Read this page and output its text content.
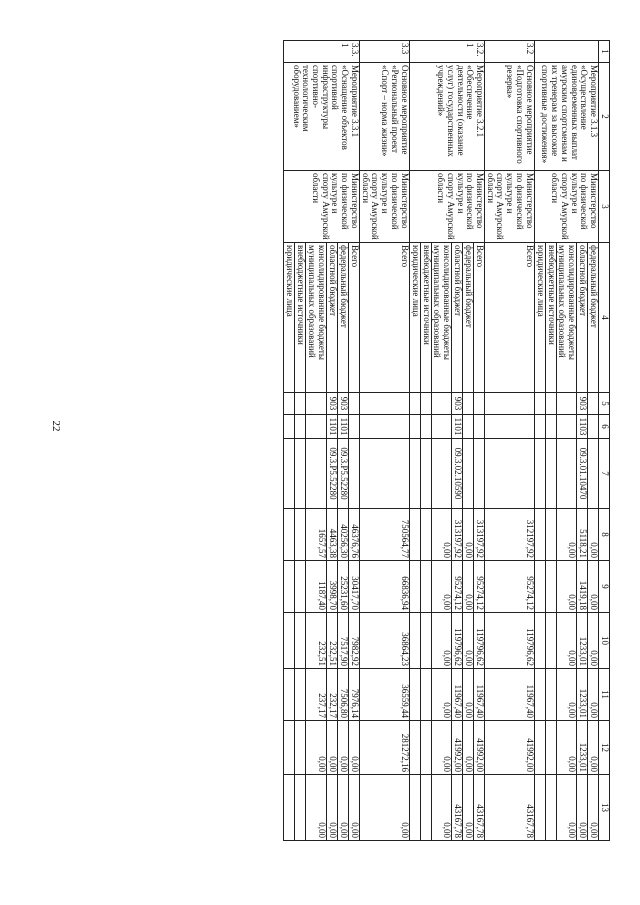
22
1	2	3	4	5	6	7	8	9	10	11	12	13
	Мероприятие 3.1.3 «Осуществление единовременных выплат амурским спортсменам и их тренерам за высокие спортивные достижения»	Министерство по физической культуре и спорту Амурской области	федеральный бюджет				0,00	0,00	0,00	0,00	0,00	0,00
			областной бюджет	903	1103	09.3.01.10470	5118,21	1419,18	1233,01	1233,01	1233,01	0,00
			консолидированные бюджеты муниципальных образований				0,00	0,00	0,00	0,00	0,00	0,00
			внебюджетные источники									
			юридические лица									
3.2	Основное мероприятие «Подготовка спортивного резерва»	Министерство по физической культуре и спорту Амурской области	Всего				312197,92	95274,12	119796,62	11967,40	41992,00	43167,78
3.2.1	Мероприятие 3.2.1 «Обеспечение деятельности (оказание услуг) государственных учреждений»	Министерство по физической культуре и спорту Амурской области	Всего				313197,92	95274,12	119796,62	11967,40	41992,00	43167,78
			федеральный бюджет				0,00	0,00	0,00	0,00	0,00	0,00
			областной бюджет	903	1101	09.3.02.10590	313197,92	95274,12	119796,62	11967,40	41992,00	43167,78
			консолидированные бюджеты муниципальных образований				0,00	0,00	0,00	0,00	0,00	0,00
			внебюджетные источники									
			юридические лица									
3.3	Основное мероприятие «Региональный проект «Спорт – норма жизни»	Министерство по физической культуре и спорту Амурской области	Всего				750564,77	66836,94	36864,23	36559,44	281272,16	0,00
3.3.1	Мероприятие 3.3.1 «Оснащение объектов спортивной инфраструктуры спортивно-технологическим оборудованием»	Министерство по физической культуре и спорту Амурской области	Всего				46376,76	30417,70	7982,92	7976,14	0,00	0,00
			федеральный бюджет	903	1101	09.3.P5.52280	40256,30	25231,60	7517,90	7506,80	0,00	0,00
			областной бюджет	903	1101	09.3.P5.52280	4463,38	3998,70	232,51	232,17	0,00	0,00
			консолидированные бюджеты муниципальных образований				1657,57	1187,40	232,51	237,17	0,00	0,00
			внебюджетные источники									
			юридические лица									
